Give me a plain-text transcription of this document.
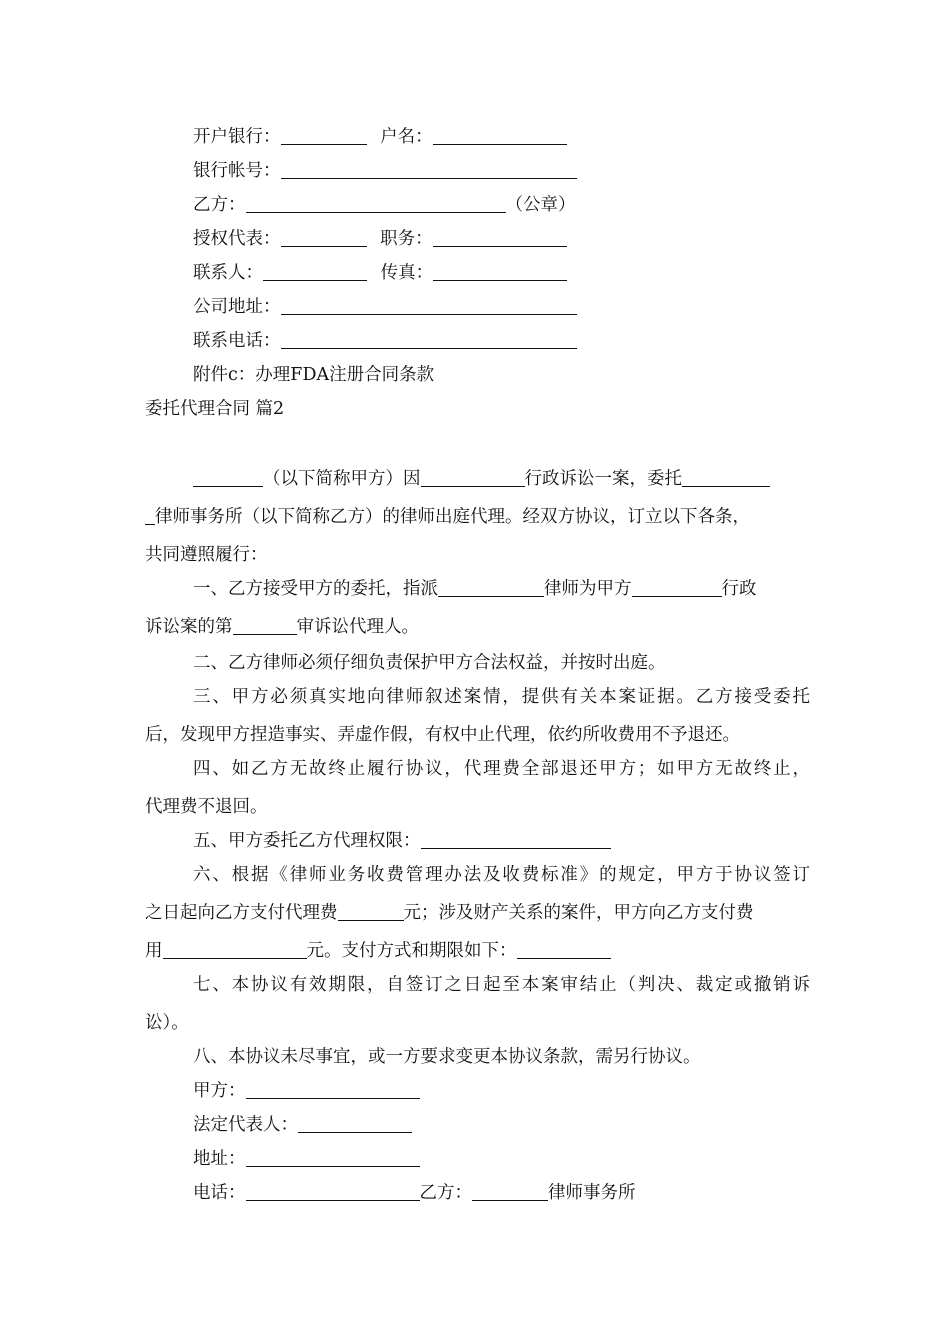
开户银行：	户名：
银行帐号：
乙方：	（公章）
授权代表：	职务：
联系人：	传真：
公司地址：
联系电话：
附件c：办理FDA注册合同条款
委托代理合同 篇2
（以下简称甲方）因	行政诉讼一案，委托
律师事务所（以下简称乙方）的律师出庭代理。经双方协议，订立以下各条，
共同遵照履行：
一、乙方接受甲方的委托，指派	律师为甲方	行政
诉讼案的第	审诉讼代理人。
二、乙方律师必须仔细负责保护甲方合法权益，并按时出庭。
三、甲方必须真实地向律师叙述案情，提供有关本案证据。乙方接受委托
后，发现甲方捏造事实、弄虚作假，有权中止代理，依约所收费用不予退还。
四、如乙方无故终止履行协议，代理费全部退还甲方；如甲方无故终止，
代理费不退回。
五、甲方委托乙方代理权限：
六、根据《律师业务收费管理办法及收费标准》的规定，甲方于协议签订
之日起向乙方支付代理费	元；涉及财产关系的案件，甲方向乙方支付费
用	元。支付方式和期限如下：
七、本协议有效期限，自签订之日起至本案审结止（判决、裁定或撤销诉
讼）。
八、本协议未尽事宜，或一方要求变更本协议条款，需另行协议。
甲方：
法定代表人：
地址：
电话：	乙方：	律师事务所
